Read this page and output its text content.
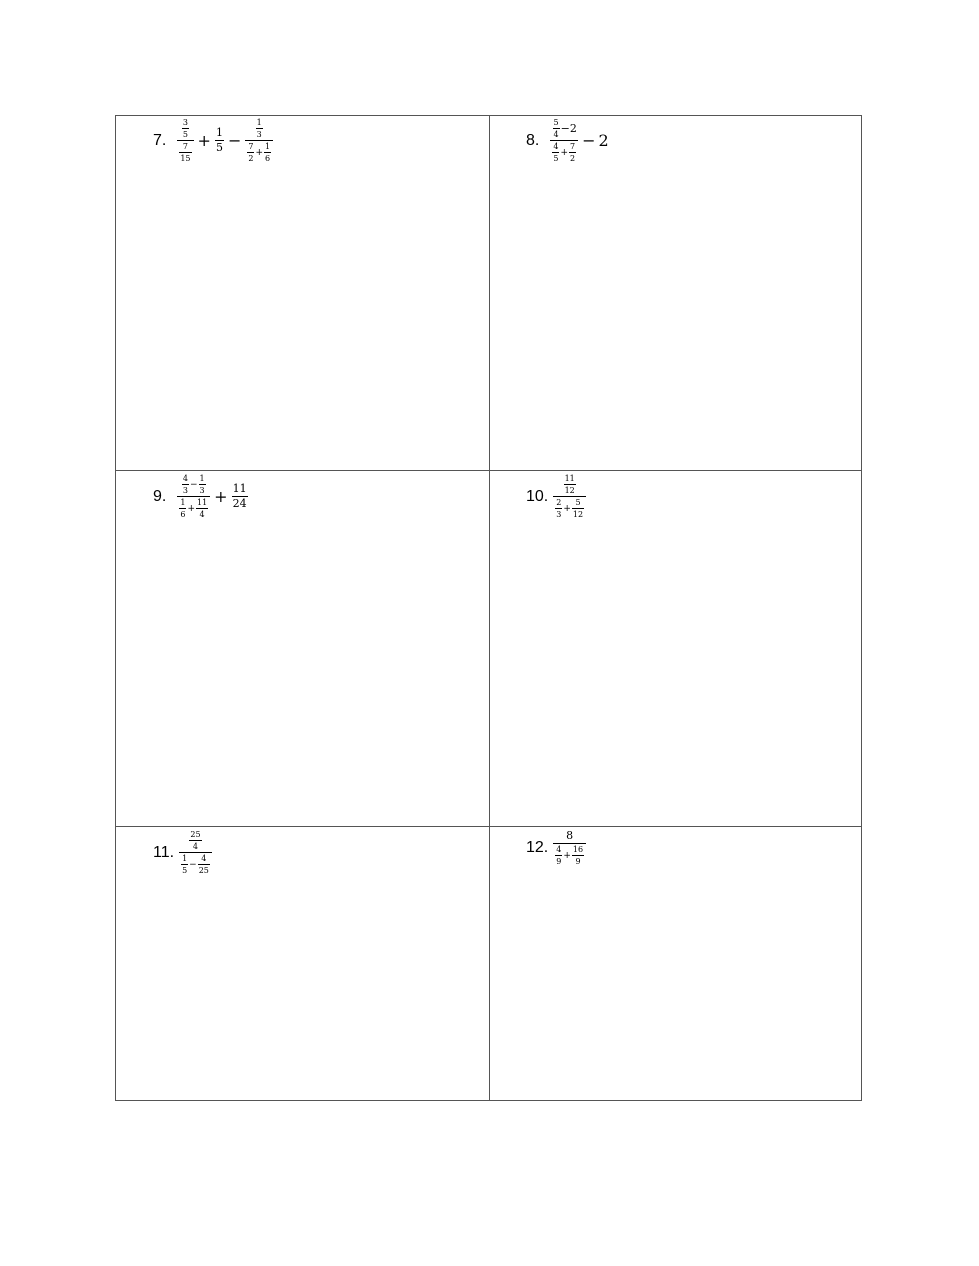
7. $\frac{\frac{3}{5}}{\frac{7}{15}} + \frac{1}{5} - \frac{\frac{1}{3}}{\frac{7}{2} + \frac{1}{6}}$	8. $\frac{\frac{5}{4} - 2}{\frac{4}{5} + \frac{7}{2}} - 2$
9. $\frac{\frac{4}{3} - \frac{1}{3}}{\frac{1}{6} + \frac{11}{4}} + \frac{11}{24}$	10. $\frac{\frac{11}{12}}{\frac{2}{3} + \frac{5}{12}}$
11. $\frac{\frac{25}{4}}{\frac{1}{5} - \frac{4}{25}}$	12. $\frac{8}{\frac{4}{9} + \frac{16}{9}}$
